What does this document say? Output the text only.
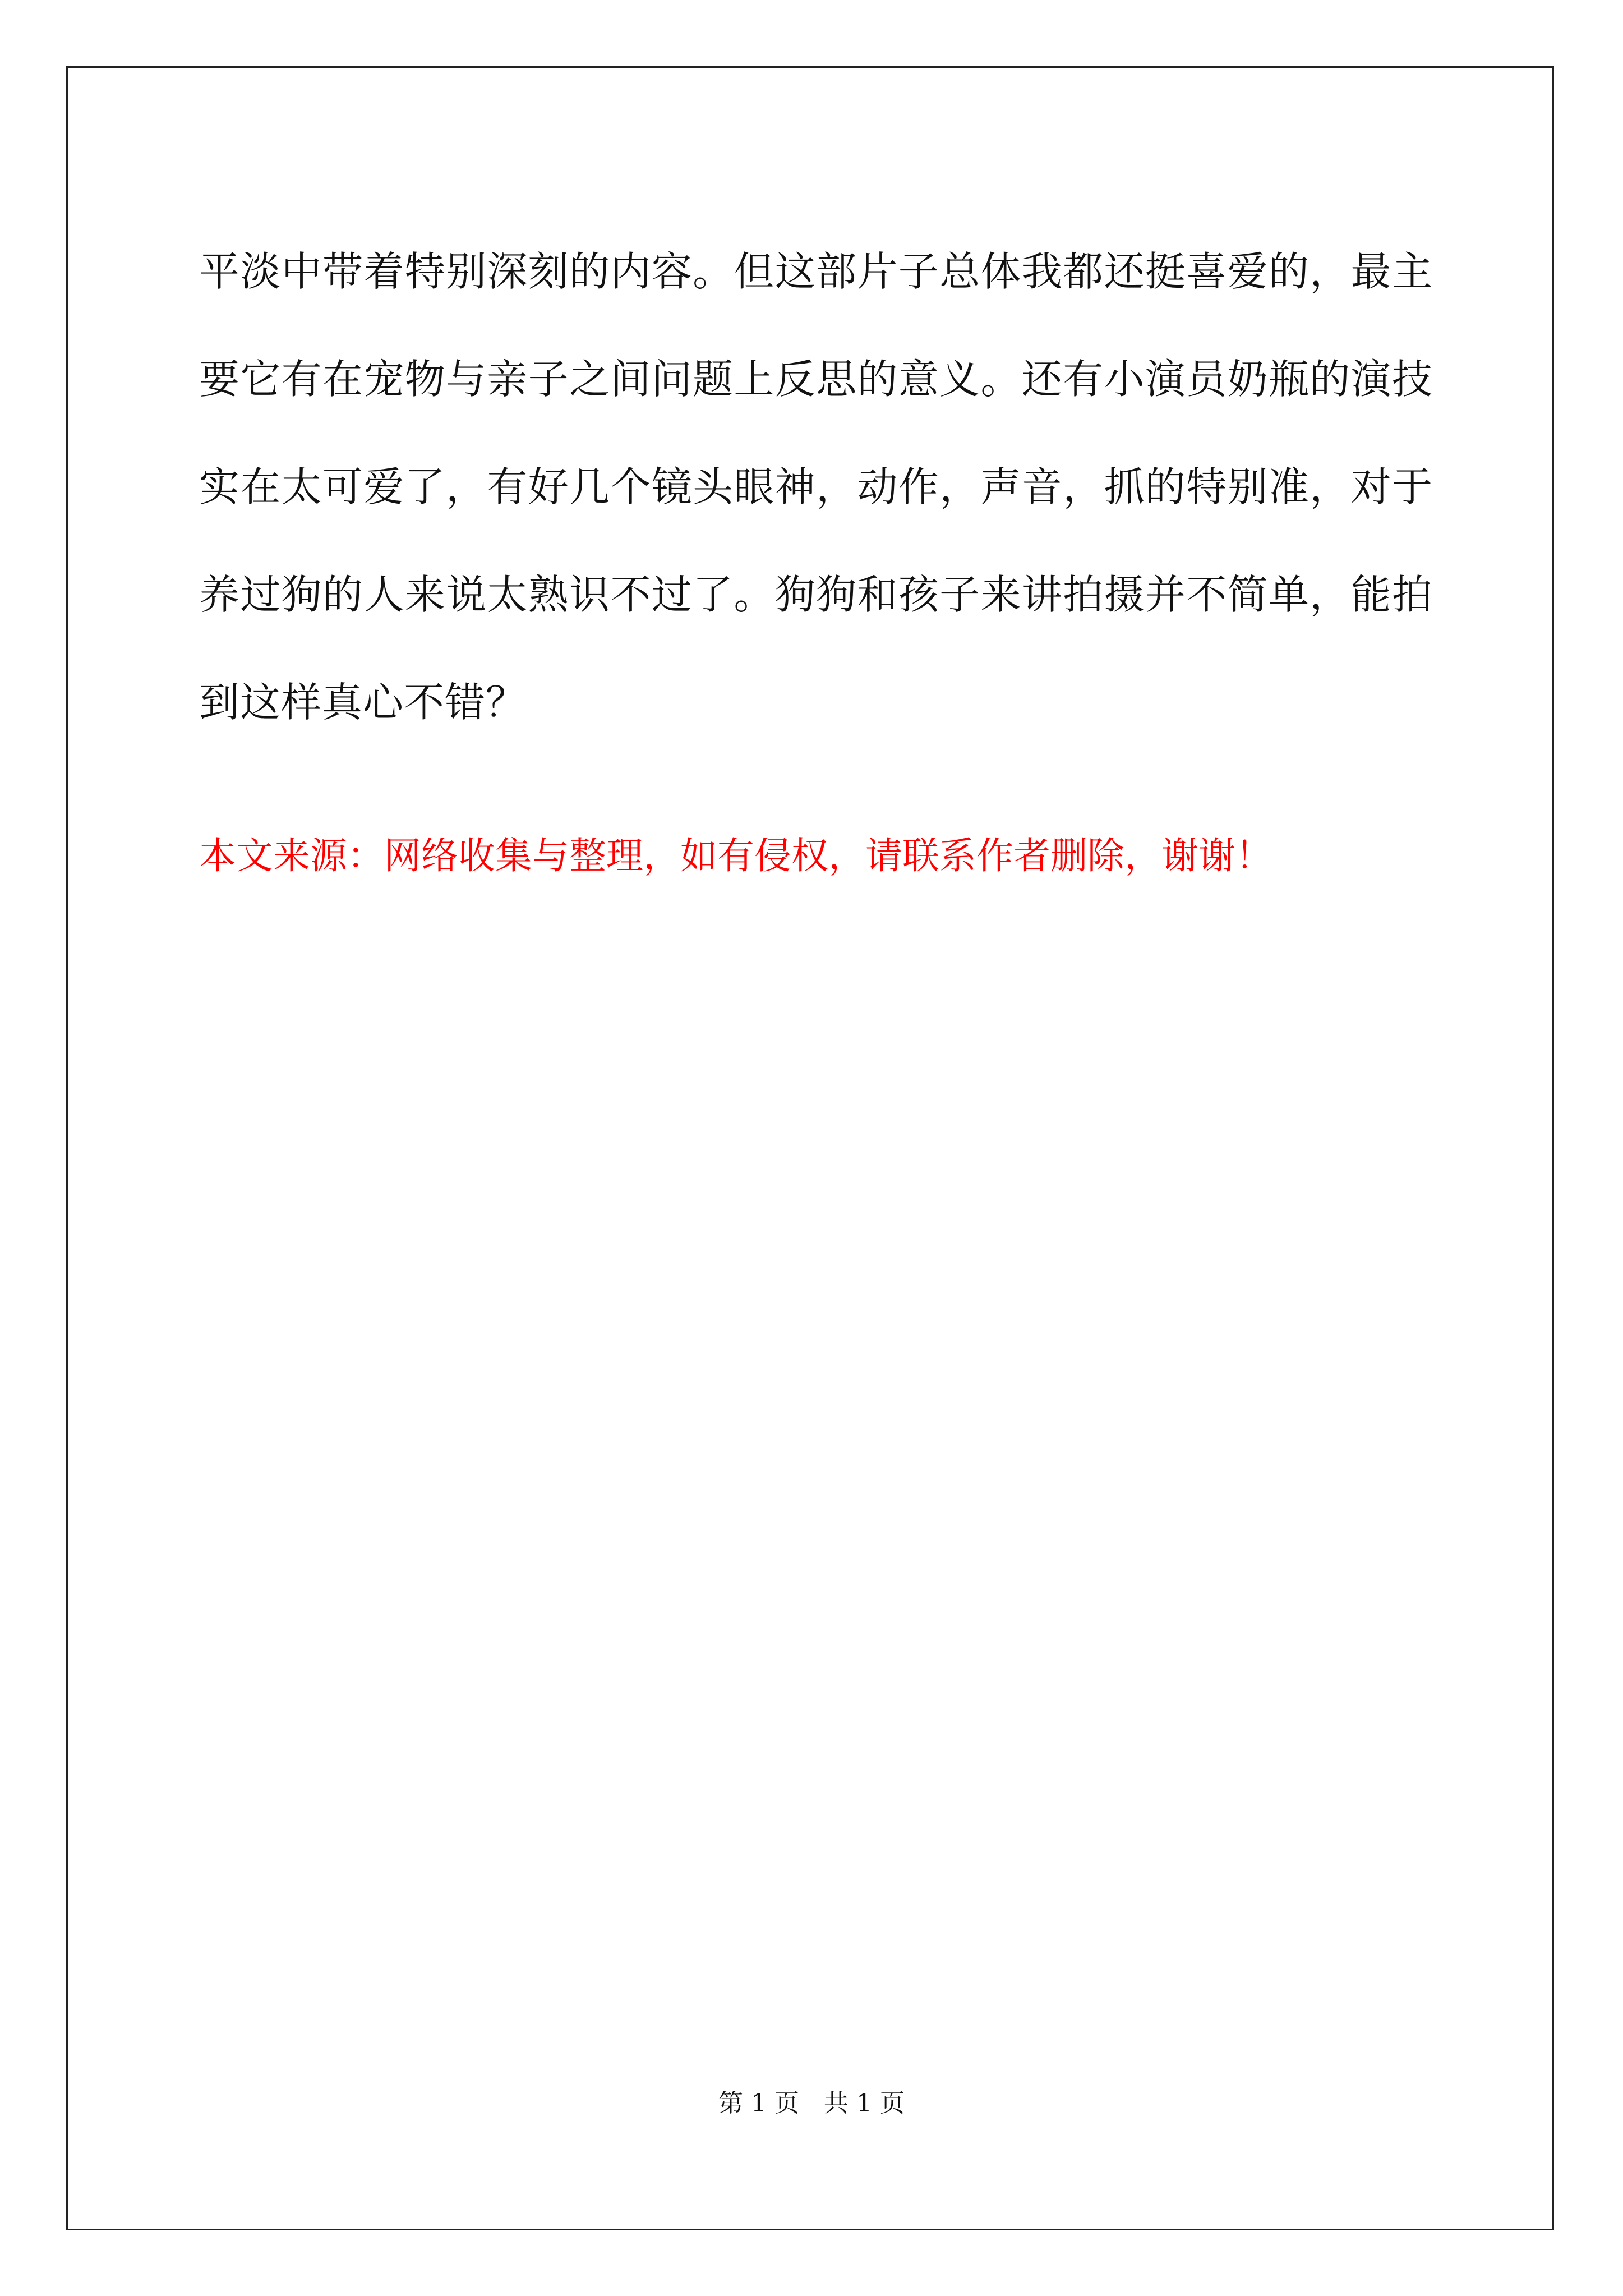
平淡中带着特别深刻的内容。但这部片子总体我都还挺喜爱的，最主要它有在宠物与亲子之间问题上反思的意义。还有小演员奶瓶的演技实在太可爱了，有好几个镜头眼神，动作，声音，抓的特别准，对于养过狗的人来说太熟识不过了。狗狗和孩子来讲拍摄并不简单，能拍到这样真心不错？

本文来源：网络收集与整理，如有侵权，请联系作者删除，谢谢！

第 1 页　共 1 页
